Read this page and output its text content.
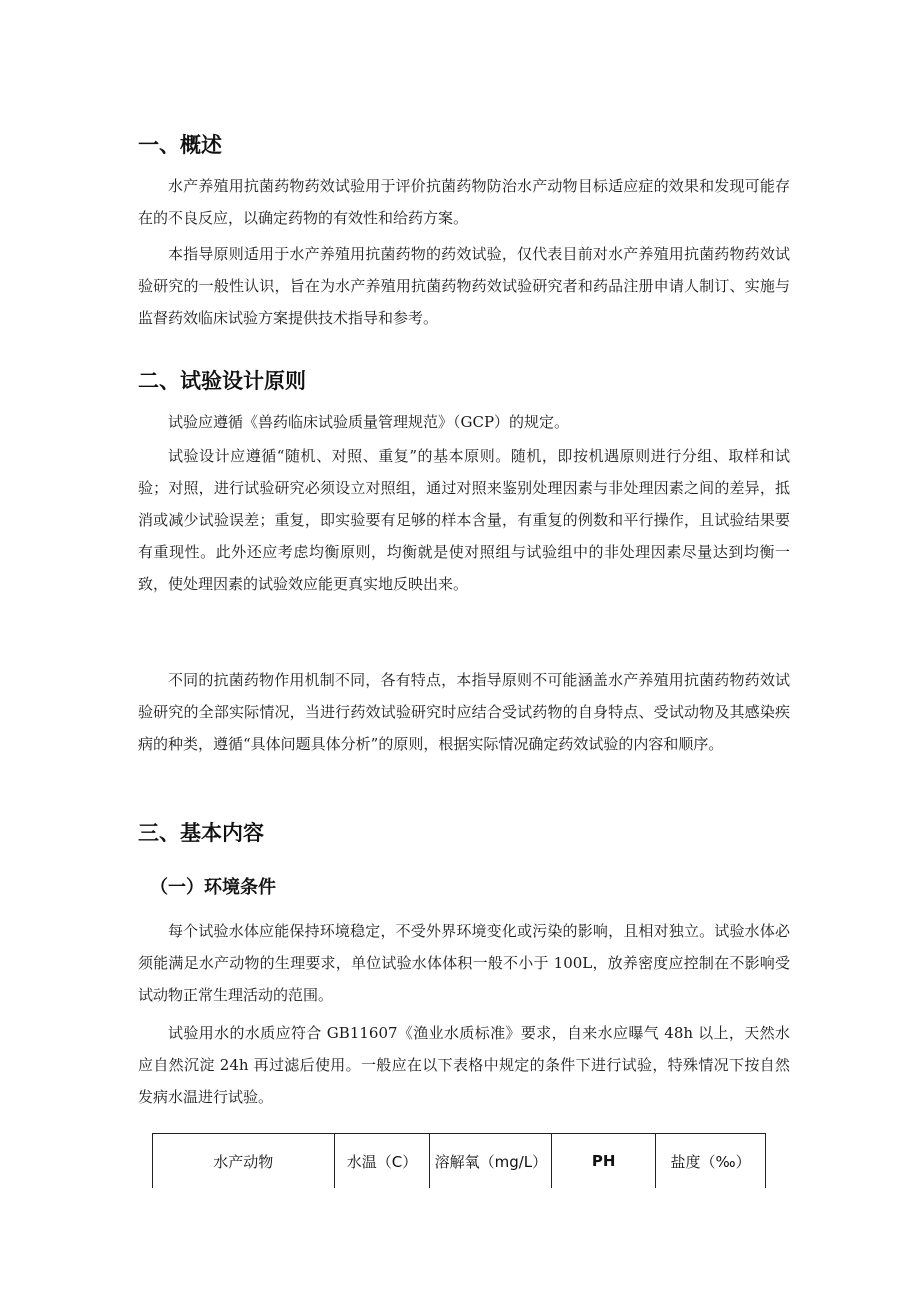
一、概述

水产养殖用抗菌药物药效试验用于评价抗菌药物防治水产动物目标适应症的效果和发现可能存在的不良反应，以确定药物的有效性和给药方案。

本指导原则适用于水产养殖用抗菌药物的药效试验，仅代表目前对水产养殖用抗菌药物药效试验研究的一般性认识，旨在为水产养殖用抗菌药物药效试验研究者和药品注册申请人制订、实施与监督药效临床试验方案提供技术指导和参考。

二、试验设计原则

试验应遵循《兽药临床试验质量管理规范》（GCP）的规定。

试验设计应遵循“随机、对照、重复”的基本原则。随机，即按机遇原则进行分组、取样和试验；对照，进行试验研究必须设立对照组，通过对照来鉴别处理因素与非处理因素之间的差异，抵消或减少试验误差；重复，即实验要有足够的样本含量，有重复的例数和平行操作，且试验结果要有重现性。此外还应考虑均衡原则，均衡就是使对照组与试验组中的非处理因素尽量达到均衡一致，使处理因素的试验效应能更真实地反映出来。

不同的抗菌药物作用机制不同，各有特点，本指导原则不可能涵盖水产养殖用抗菌药物药效试验研究的全部实际情况，当进行药效试验研究时应结合受试药物的自身特点、受试动物及其感染疾病的种类，遵循“具体问题具体分析”的原则，根据实际情况确定药效试验的内容和顺序。

三、基本内容
（一）环境条件

每个试验水体应能保持环境稳定，不受外界环境变化或污染的影响，且相对独立。试验水体必须能满足水产动物的生理要求，单位试验水体体积一般不小于 100L，放养密度应控制在不影响受试动物正常生理活动的范围。

试验用水的水质应符合 GB11607《渔业水质标准》要求，自来水应曝气 48h 以上，天然水应自然沉淀 24h 再过滤后使用。一般应在以下表格中规定的条件下进行试验，特殊情况下按自然发病水温进行试验。

水产动物	水温（C）	溶解氧（mg/L）	PH	盐度（‰）
